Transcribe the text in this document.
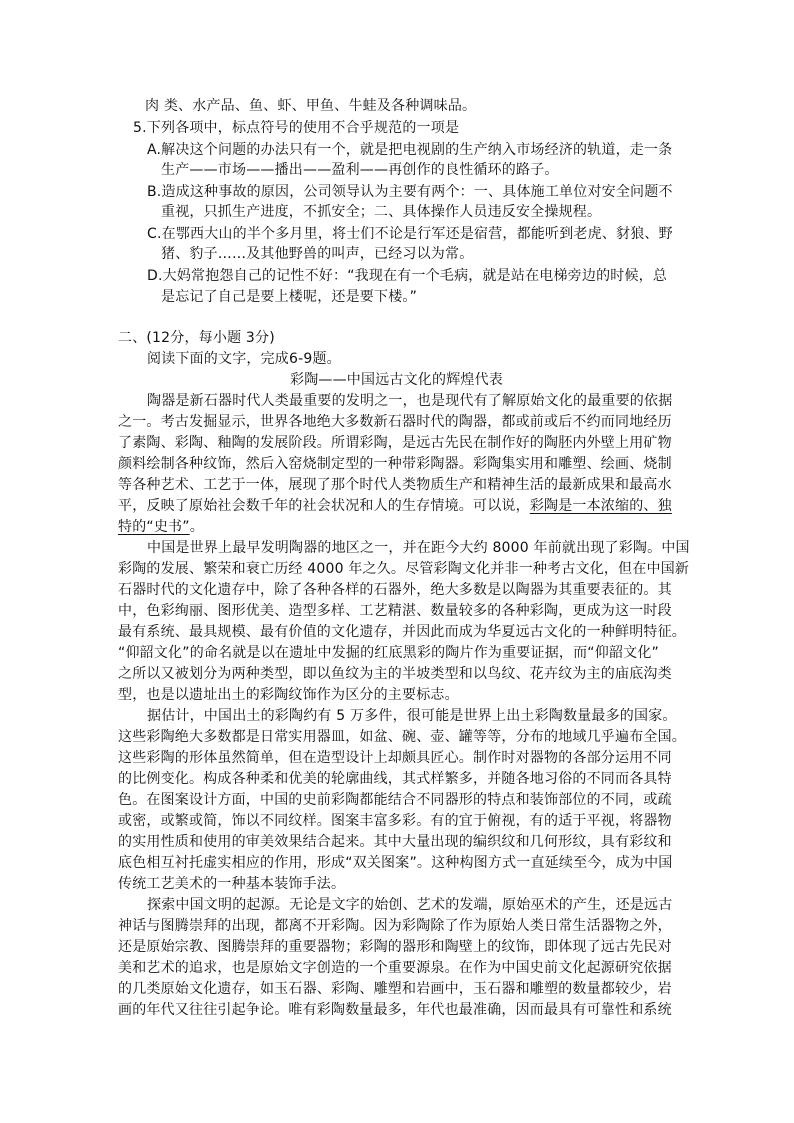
肉 类、水产品、鱼、虾、甲鱼、牛蛙及各种调味品。
5.下列各项中，标点符号的使用不合乎规范的一项是
A.解决这个问题的办法只有一个，就是把电视剧的生产纳入市场经济的轨道，走一条
生产——市场——播出——盈利——再创作的良性循环的路子。
B.造成这种事故的原因，公司领导认为主要有两个：一、具体施工单位对安全问题不
重视，只抓生产进度，不抓安全；二、具体操作人员违反安全操规程。
C.在鄂西大山的半个多月里，将士们不论是行军还是宿营，都能听到老虎、豺狼、野
猪、豹子……及其他野兽的叫声，已经习以为常。
D.大妈常抱怨自己的记性不好：“我现在有一个毛病，就是站在电梯旁边的时候，总
是忘记了自己是要上楼呢，还是要下楼。”
二、(12分，每小题 3分)
阅读下面的文字，完成6-9题。
彩陶——中国远古文化的辉煌代表
陶器是新石器时代人类最重要的发明之一，也是现代有了解原始文化的最重要的依据
之一。考古发掘显示，世界各地绝大多数新石器时代的陶器，都或前或后不约而同地经历
了素陶、彩陶、釉陶的发展阶段。所谓彩陶，是远古先民在制作好的陶胚内外壁上用矿物
颜料绘制各种纹饰，然后入窑烧制定型的一种带彩陶器。彩陶集实用和雕塑、绘画、烧制
等各种艺术、工艺于一体，展现了那个时代人类物质生产和精神生活的最新成果和最高水
平，反映了原始社会数千年的社会状况和人的生存情境。可以说，彩陶是一本浓缩的、独
特的“史书”。
中国是世界上最早发明陶器的地区之一，并在距今大约 8000 年前就出现了彩陶。中国
彩陶的发展、繁荣和衰亡历经 4000 年之久。尽管彩陶文化并非一种考古文化，但在中国新
石器时代的文化遗存中，除了各种各样的石器外，绝大多数是以陶器为其重要表征的。其
中，色彩绚丽、图形优美、造型多样、工艺精湛、数量较多的各种彩陶，更成为这一时段
最有系统、最具规模、最有价值的文化遗存，并因此而成为华夏远古文化的一种鲜明特征。
“仰韶文化”的命名就是以在遗址中发掘的红底黑彩的陶片作为重要证据，而“仰韶文化”
之所以又被划分为两种类型，即以鱼纹为主的半坡类型和以鸟纹、花卉纹为主的庙底沟类
型，也是以遗址出土的彩陶纹饰作为区分的主要标志。
据估计，中国出土的彩陶约有 5 万多件，很可能是世界上出土彩陶数量最多的国家。
这些彩陶绝大多数都是日常实用器皿，如盆、碗、壶、罐等等，分布的地域几乎遍布全国。
这些彩陶的形体虽然简单，但在造型设计上却颇具匠心。制作时对器物的各部分运用不同
的比例变化。构成各种柔和优美的轮廓曲线，其式样繁多，并随各地习俗的不同而各具特
色。在图案设计方面，中国的史前彩陶都能结合不同器形的特点和装饰部位的不同，或疏
或密，或繁或简，饰以不同纹样。图案丰富多彩。有的宜于俯视，有的适于平视，将器物
的实用性质和使用的审美效果结合起来。其中大量出现的编织纹和几何形纹，具有彩纹和
底色相互衬托虚实相应的作用，形成“双关图案”。这种构图方式一直延续至今，成为中国
传统工艺美术的一种基本装饰手法。
探索中国文明的起源。无论是文字的始创、艺术的发端，原始巫术的产生，还是远古
神话与图腾崇拜的出现，都离不开彩陶。因为彩陶除了作为原始人类日常生活器物之外，
还是原始宗教、图腾崇拜的重要器物；彩陶的器形和陶壁上的纹饰，即体现了远古先民对
美和艺术的追求，也是原始文字创造的一个重要源泉。在作为中国史前文化起源研究依据
的几类原始文化遗存，如玉石器、彩陶、雕塑和岩画中，玉石器和雕塑的数量都较少，岩
画的年代又往往引起争论。唯有彩陶数量最多，年代也最准确，因而最具有可靠性和系统
